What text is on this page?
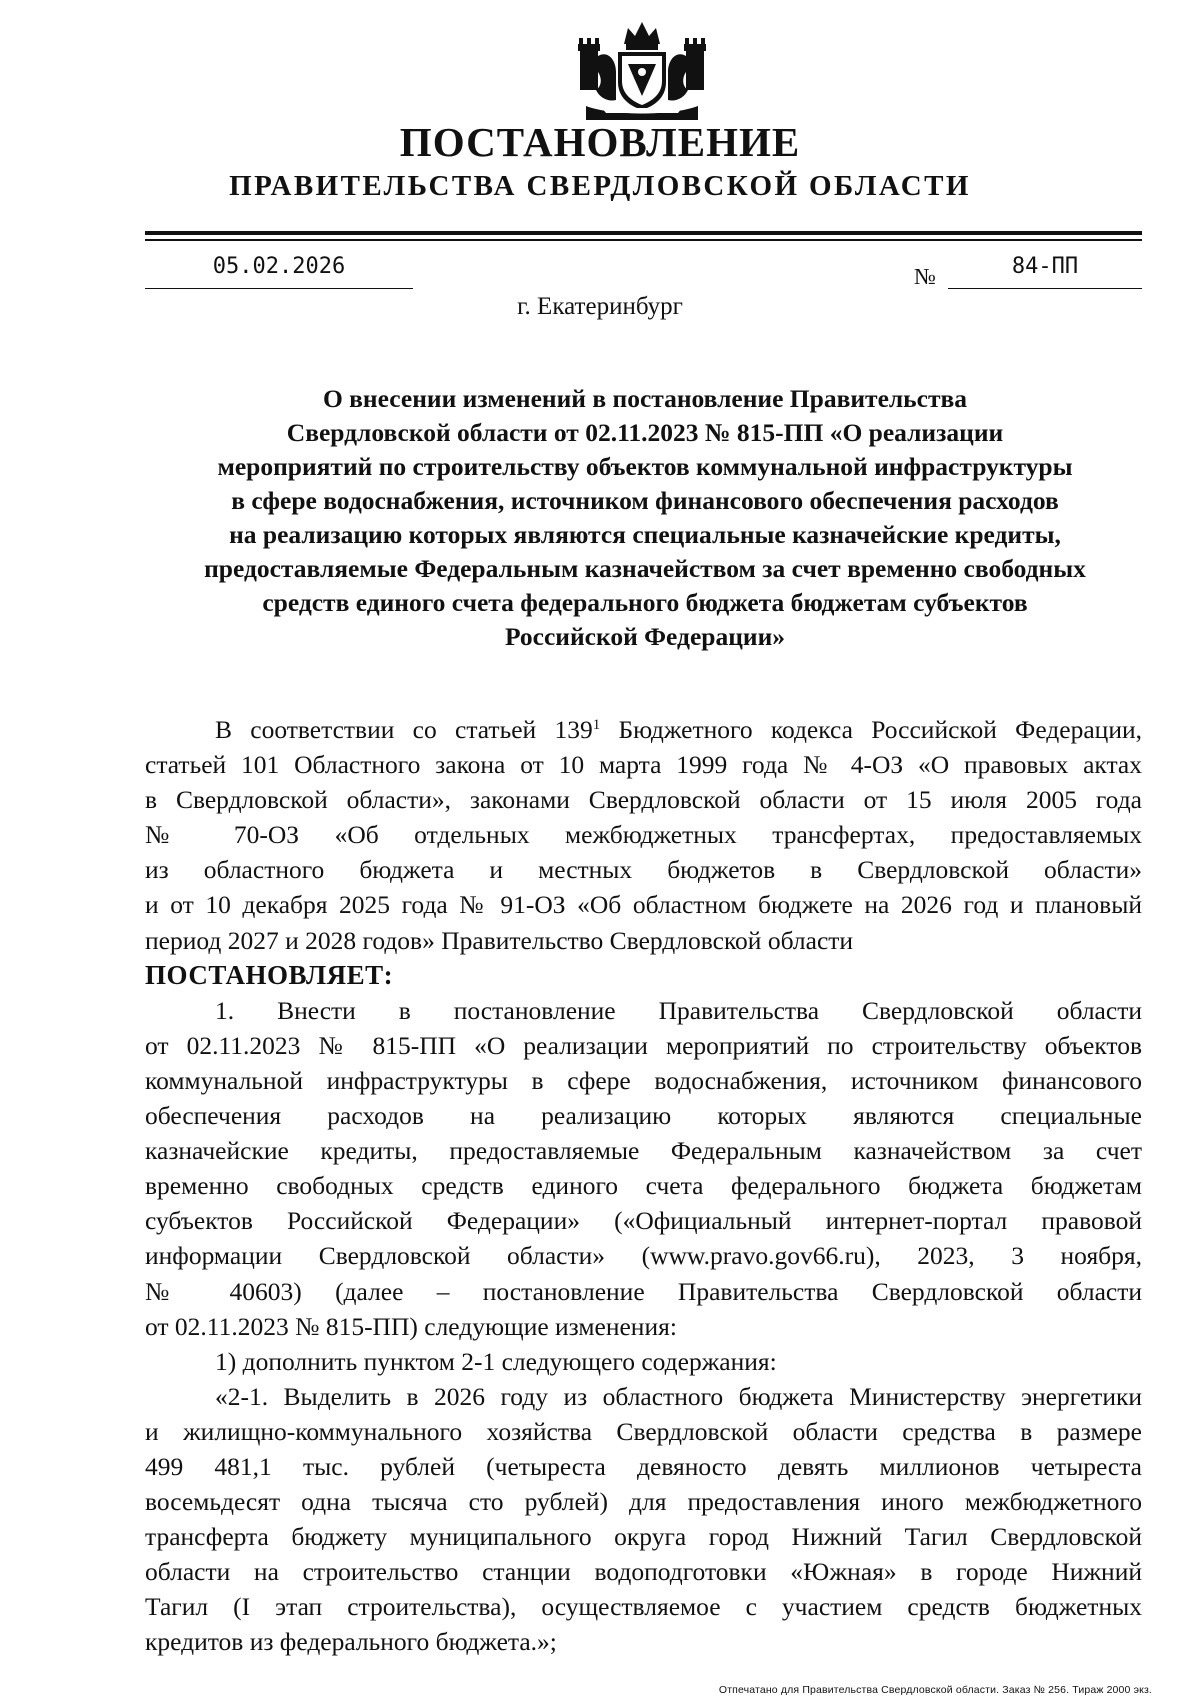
ПОСТАНОВЛЕНИЕ
ПРАВИТЕЛЬСТВА СВЕРДЛОВСКОЙ ОБЛАСТИ
05.02.2026	№	84-ПП
г. Екатеринбург
О внесении изменений в постановление Правительства
Свердловской области от 02.11.2023 № 815-ПП «О реализации
мероприятий по строительству объектов коммунальной инфраструктуры
в сфере водоснабжения, источником финансового обеспечения расходов
на реализацию которых являются специальные казначейские кредиты,
предоставляемые Федеральным казначейством за счет временно свободных
средств единого счета федерального бюджета бюджетам субъектов
Российской Федерации»
В соответствии со статьей $139^1$ Бюджетного кодекса Российской Федерации,
статьей 101 Областного закона от 10 марта 1999 года № 4-ОЗ «О правовых актах
в Свердловской области», законами Свердловской области от 15 июля 2005 года
№ 70-ОЗ «Об отдельных межбюджетных трансфертах, предоставляемых
из областного бюджета и местных бюджетов в Свердловской области»
и от 10 декабря 2025 года № 91-ОЗ «Об областном бюджете на 2026 год и плановый
период 2027 и 2028 годов» Правительство Свердловской области
ПОСТАНОВЛЯЕТ:
1. Внести в постановление Правительства Свердловской области
от 02.11.2023 № 815-ПП «О реализации мероприятий по строительству объектов
коммунальной инфраструктуры в сфере водоснабжения, источником финансового
обеспечения расходов на реализацию которых являются специальные
казначейские кредиты, предоставляемые Федеральным казначейством за счет
временно свободных средств единого счета федерального бюджета бюджетам
субъектов Российской Федерации» («Официальный интернет-портал правовой
информации Свердловской области» (www.pravo.gov66.ru), 2023, 3 ноября,
№ 40603) (далее – постановление Правительства Свердловской области
от 02.11.2023 № 815-ПП) следующие изменения:
1) дополнить пунктом 2-1 следующего содержания:
«2-1. Выделить в 2026 году из областного бюджета Министерству энергетики
и жилищно-коммунального хозяйства Свердловской области средства в размере
499 481,1 тыс. рублей (четыреста девяносто девять миллионов четыреста
восемьдесят одна тысяча сто рублей) для предоставления иного межбюджетного
трансферта бюджету муниципального округа город Нижний Тагил Свердловской
области на строительство станции водоподготовки «Южная» в городе Нижний
Тагил (I этап строительства), осуществляемое с участием средств бюджетных
кредитов из федерального бюджета.»;
Отпечатано для Правительства Свердловской области. Заказ № 256. Тираж 2000 экз.
